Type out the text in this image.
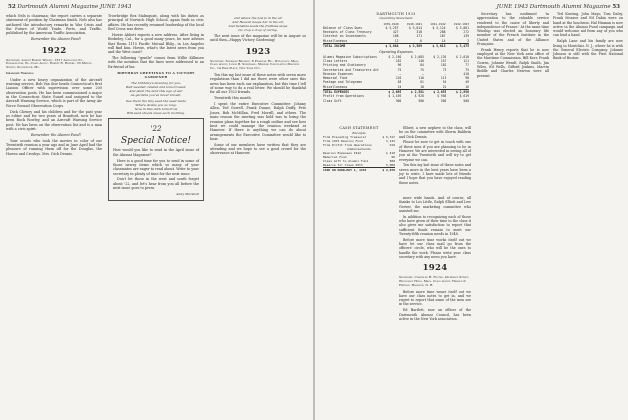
52 Dartmouth Alumni Magazine JUNE 1943

which Nels is chairman; the report carries a separate statement of position by Chairman Smith. Nels also has authored the introductory remarks in War Crisis and the Future of World Trade, Ports, and Traffic, published by the American Traffic Association.

Remember the Alumni Fund!

1922
Secretary, Albert Robert Wright, 1817 Arlington St., Philadelphia, Pa. Class Agent, Robert R. Rourke, 33 Middle Street, Kennebunk, Me.
Graduate Training

Under a new heavy organization of the aircraft warning service, Bob Van Sise heads Connecticut's first Liaison Officer with supervision over some 200 observation posts. He has been commissioned a major in the Connecticut State Guard and assigned to the Aircraft Warning Service, which is part of the Army Air Force Ground Observation Corps.

Dick Cheney and his children and for the past year as editor and for two years of Branford, now he has been Rock Rowley, and an Aircraft Warning Service post. He has been on the observation list and is a man with a civic spirit.

Remember the Alumni Fund!

Your scouts who took the movies in color of our Twentieth reunion a year ago and in June April had the pleasure of running them off for the Douglas, the Howes and Crosbys. Mrs. Dick Dennis.

Trowbridge Rex Malmquist, along with his duties as principal of Norwich High School, again finds in civic affairs. He has recently resumed leadership of the local Red Cross war drive.

Howie Abbott reports a new address. After living in Berkeley, Cal., for a good many years, he now advises that Room 1115 Pacific Mutual Bldg., in Los Angeles will find him. Howie, what's the latest news from you and the West coast?

The following "gentle" comes from Willie Killmore with the notation that the lines were addressed to an Ex-friend of his:

BIRTHDAY GREETINGS TO A VICTORY GARDENER
The birthday's dawning for you,
Well weeded, tended and tomorrowed,
And plant the land this age of war
As gardens you've never known.
See there the tiny seed the seed made
Where dawns you so long,
Now in this dark tomorrow
Will seed shoots anew each morning.
'22
Special Notice!

How would you like to read in the April issue of the Alumni Magazine?

Here is a good time for you to send in some of those newsy items which so many of your classmates are eager to read about. Write to your secretary in plenty of time for the next issue.

Don't let those in the west and south forget about '22, and let's hear from you all before the next issue goes to press.

Andy Marshall
and where the lost is in the air
And Heaven keeps her in the air,
And Sensible-leads the fruitless slope
Go crop a crop of caring.

The next issue of the magazine will be in August so until then—Happy Victory Gardening!

1923
Secretary, Sherman Baldwin, 8 Pearleaf Rd., Wellesley, Mass. Class Agent, Lewis B. Sherwood, Monroe Calculating Machine Co., 14 Park Place, New York City.

Ten this my last issue of these notes with seven more regulations than I did me there were other ones this news has been each our explanation, but this time I tell of some way to do a real letter. We should be thankful for all our 1923 friends.

Twentieth this month.

I spent the entire Executive Committee: Johnny Allen, Ted Gowell, Frank Duane, Ralph Duffy, Pete Jones, Bob McMillan, Fred Morrill, and others. The main reason the meeting was held was to bring the reunion plans together for a rough outline and see how best we could manage the reunion weekend at Hanover. If there is anything we can do about arrangements the Executive Committee would like to hear.

Some of our members have written that they are attending and we hope to see a good crowd for the observance at Hanover.

JUNE 1943 Dartmouth Alumni Magazine 53
DARTMOUTH 1933
Operating Statement
	1939-1940	1940-1941	1941-1942	1942-1943
Balance of Class Dues	$ 3,257	$ 3,014	$ 3,124	$ 3,061
Receipts of Class Treasury	427	318	288	272
Interest on Investments	168	171	187	139
Miscellaneous	12	6	14	3
TOTAL INCOME	$ 3,864	$ 3,509	$ 3,613	$ 3,475
Operating Expenses
Alumni Magazine Subscriptions	$ 2,160	$ 2,085	$ 2,130	$ 2,010
Class Letters	162	148	157	121
Printing and Stationery	96	84	102	77
Secretaries and Treasurers Act	75	75	75	75
Reunion Expenses	—	—	—	410
Memorial Fund	120	110	115	98
Postage and Telegrams	58	61	54	49
Miscellaneous	24	18	22	16
TOTAL EXPENSES	$ 2,695	$ 2,581	$ 2,655	$ 2,856
Profit from Operations	$ 1,169	$ 928	$ 958	$ 619
Class Gift	500	500	500	500

Elbert, a new nephew to the class, will be on the committee with Sherm Baldwin and Dick Dennis.

Please be sure to get in touch with one of these men if you are planning to be in Hanover. We are interested in seeing all of you at the Twentieth and will try to get everyone we can.

Ten this my last issue of these notes and seven more in the best years have been a joy to write. I have made lots of friends and I hope that you have enjoyed reading these notes.

CASH STATEMENT
Receipts
From Preceding Treasurer	$ 6,317
From 1933 Reunion Fund	1,142
From Profit from Operations	619
Disbursements
Reunion Expenses 1942	$ 410
Memorial Fund	98
Class Gift to Alumni Fund	500
Reserve for Class 25th	5,000
CASH ON HAND—MAY 1, 1943	$ 2,070

more wide hands. And of course, all thanks to Les Little, Ralph Elliott and Lew Geever, the marketing committee who assisted me.

In addition to recognizing each of those who have given of their time to the class it also gives me satisfaction to report that sufficient funds remain to meet our Twenty-fifth reunion needs in 1948.

Before more time works itself out we have let our class mail go from the officers' circle, who will be the ones to handle the work. Please write your class secretary with any news you have.

1924
Secretary, Chandler H. Foster, 40 Grove Street, Wellesley Hills, Mass. Class Agent, Harold P. Hinman, Hanover, N. H.

Before more time wears itself out we have our class notes to get in, and we regret to report that some of the men are in the service.

Ed Bartlett, now an officer of the Dartmouth Alumni Council, has been active in the New York association.

Secretary has confirmed 'in appreciation to the valuable service rendered to the cause of liberty and independence of France.' At the same time Winship was elected an honorary life member of the French Institute in the United States and of the Alliance Française.

Frank Henry reports that he is now employed at the New York area office of the Maritime Commission. Bill Kerr, Frank Gowen, Johnnie Wendt, Ralph Smith, Jim Wiles, Ed Wells, Gifford Jenkins, Marvin Biddle and Charles Newton were all present.

Ted Keating, John Mayo, Tom Daley, Frank Monroe and Ed Dakin were on hand at the luncheon. Hal Hinman is now active in the Alumni Fund campaign and would welcome aid from any of you who can lend a hand.

Ralph Lane and his family are now living in Montclair, N. J., where he is with the General Electric Company. Johnnie Johnson is still with the First National Bank of Boston.
